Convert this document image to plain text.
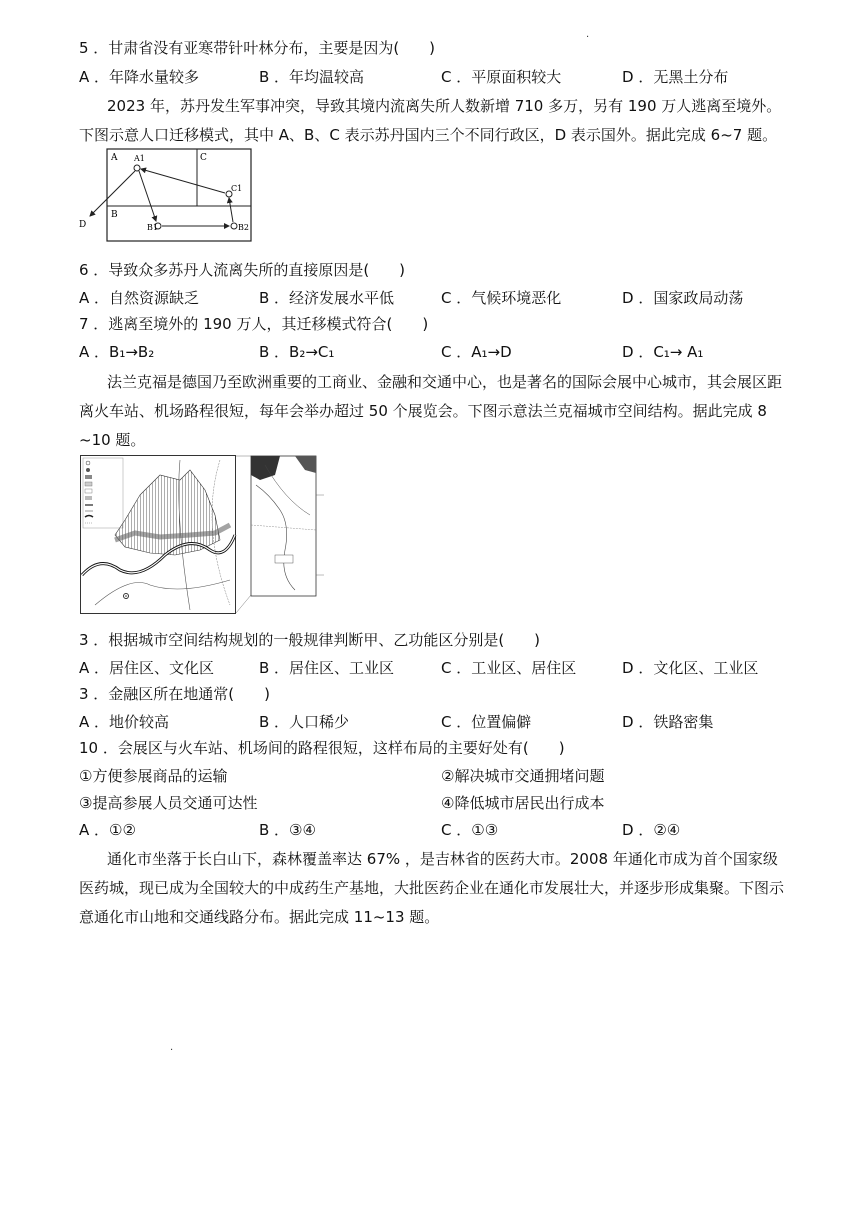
·
5 ．甘肃省没有亚寒带针叶林分布，主要是因为(　　)
A ．年降水量较多	B ．年均温较高	C ．平原面积较大	D ．无黑土分布
2023 年，苏丹发生军事冲突，导致其境内流离失所人数新增 710 多万，另有 190 万人逃离至境外。下图示意人口迁移模式，其中 A、B、C 表示苏丹国内三个不同行政区，D 表示国外。据此完成 6~7 题。
A	C
B
D
A1
C1
B1	B2
6 ．导致众多苏丹人流离失所的直接原因是(　　)
A ．自然资源缺乏	B ．经济发展水平低	C ．气候环境恶化	D ．国家政局动荡
7 ．逃离至境外的 190 万人，其迁移模式符合(　　)
A ．B₁→B₂	B ．B₂→C₁	C ．A₁→D	D ．C₁→ A₁
法兰克福是德国乃至欧洲重要的工商业、金融和交通中心，也是著名的国际会展中心城市，其会展区距离火车站、机场路程很短，每年会举办超过 50 个展览会。下图示意法兰克福城市空间结构。据此完成 8 ~10 题。
3 ．根据城市空间结构规划的一般规律判断甲、乙功能区分别是(　　)
A ．居住区、文化区	B ．居住区、工业区	C ．工业区、居住区	D ．文化区、工业区
3 ．金融区所在地通常(　　)
A ．地价较高	B ．人口稀少	C ．位置偏僻	D ．铁路密集
10 ．会展区与火车站、机场间的路程很短，这样布局的主要好处有(　　)
①方便参展商品的运输	②解决城市交通拥堵问题
③提高参展人员交通可达性	④降低城市居民出行成本
A ．①②	B ．③④	C ．①③	D ．②④
通化市坐落于长白山下，森林覆盖率达 67% ，是吉林省的医药大市。2008 年通化市成为首个国家级医药城，现已成为全国较大的中成药生产基地，大批医药企业在通化市发展壮大，并逐步形成集聚。下图示意通化市山地和交通线路分布。据此完成 11~13 题。
·
